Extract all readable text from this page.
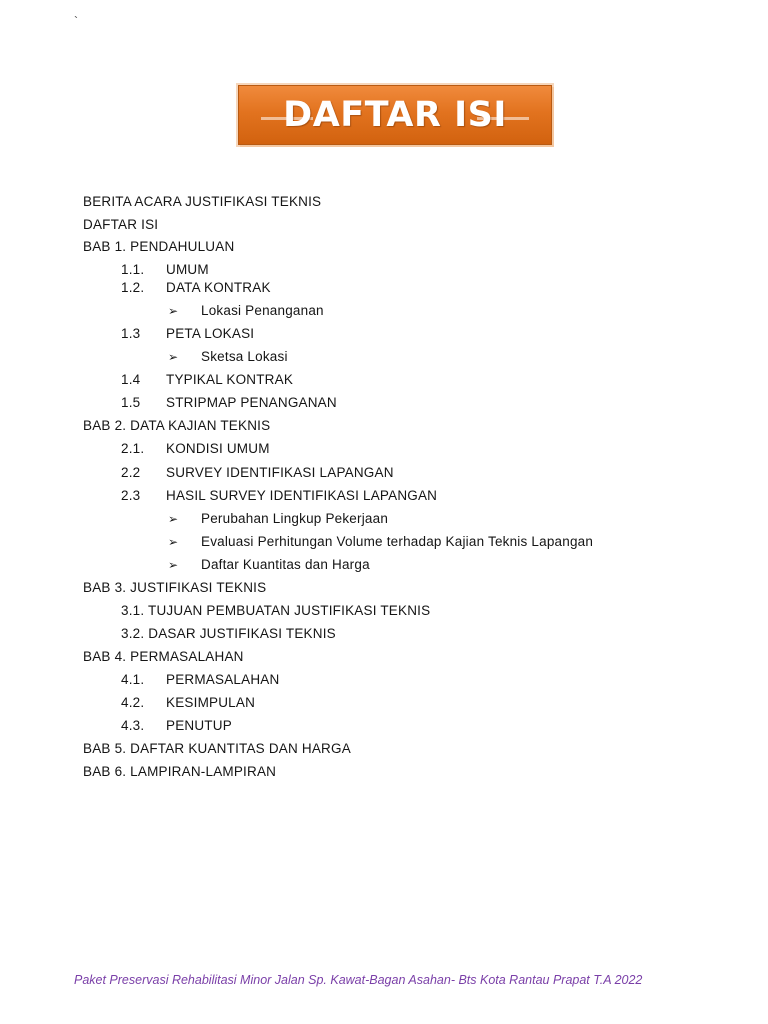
`
DAFTAR ISI
BERITA ACARA JUSTIFIKASI TEKNIS
DAFTAR ISI
BAB 1. PENDAHULUAN
1.1. UMUM
1.2. DATA KONTRAK
➢ Lokasi Penanganan
1.3 PETA LOKASI
➢ Sketsa Lokasi
1.4 TYPIKAL KONTRAK
1.5 STRIPMAP PENANGANAN
BAB 2. DATA KAJIAN TEKNIS
2.1. KONDISI UMUM
2.2 SURVEY IDENTIFIKASI LAPANGAN
2.3 HASIL SURVEY IDENTIFIKASI LAPANGAN
➢ Perubahan Lingkup Pekerjaan
➢ Evaluasi Perhitungan Volume terhadap Kajian Teknis Lapangan
➢ Daftar Kuantitas dan Harga
BAB 3. JUSTIFIKASI TEKNIS
3.1. TUJUAN PEMBUATAN JUSTIFIKASI TEKNIS
3.2. DASAR JUSTIFIKASI TEKNIS
BAB 4. PERMASALAHAN
4.1. PERMASALAHAN
4.2. KESIMPULAN
4.3. PENUTUP
BAB 5. DAFTAR KUANTITAS DAN HARGA
BAB 6. LAMPIRAN-LAMPIRAN
Paket Preservasi Rehabilitasi Minor Jalan Sp. Kawat-Bagan Asahan- Bts Kota Rantau Prapat T.A 2022
